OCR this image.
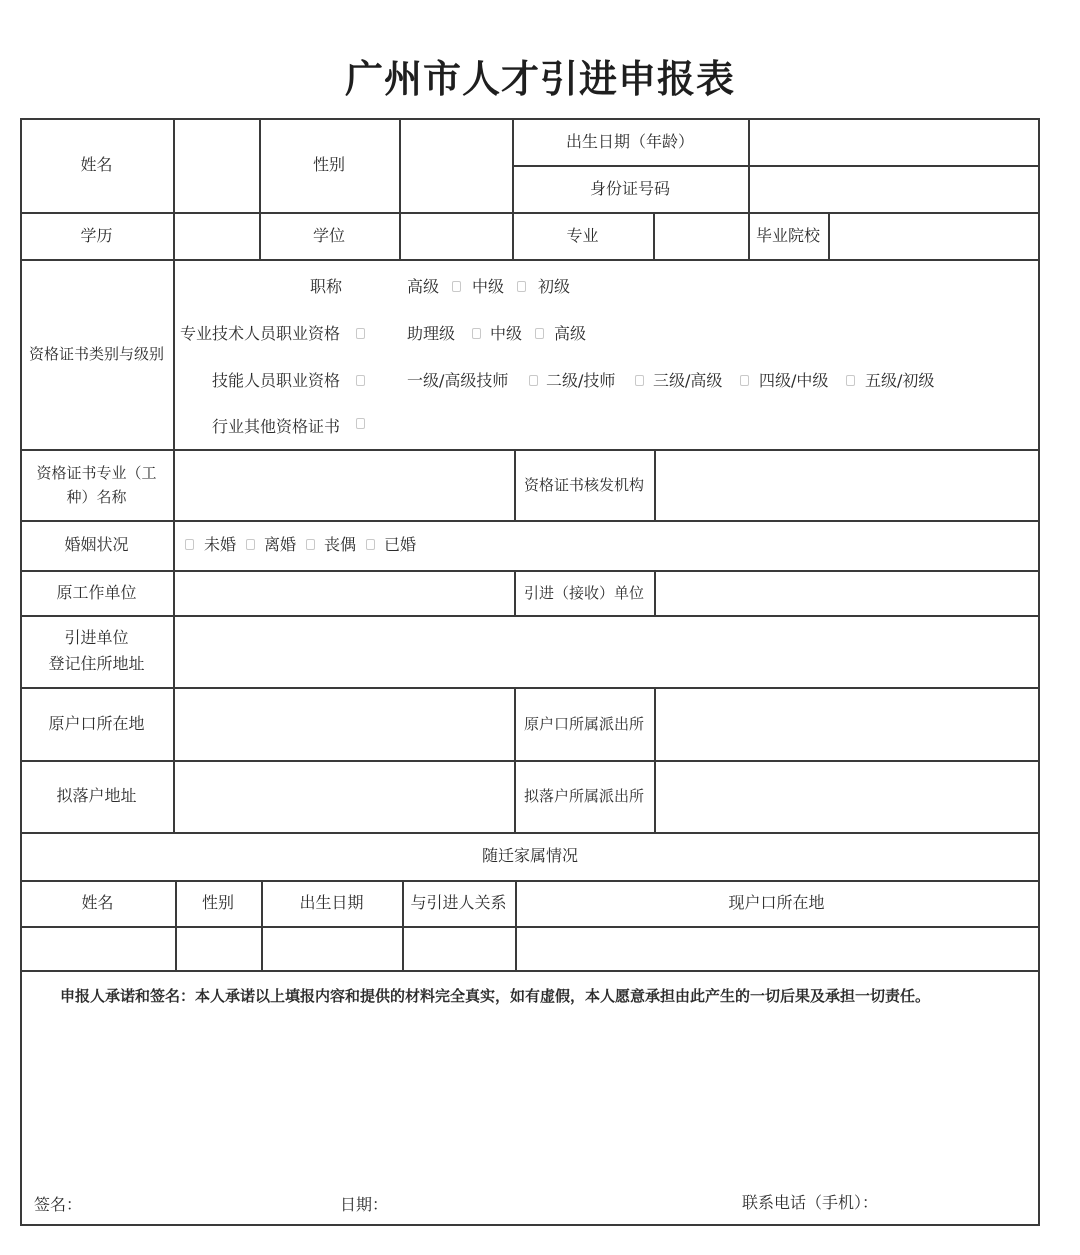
广州市人才引进申报表
姓名	性别
出生日期（年龄）
身份证号码
学历	学位	专业	毕业院校
资格证书类别与级别
职称	高级 中级 初级
专业技术人员职业资格	助理级 中级 高级
技能人员职业资格	一级/高级技师 二级/技师 三级/高级 四级/中级 五级/初级
行业其他资格证书
资格证书专业（工
种）名称
资格证书核发机构
婚姻状况	未婚 离婚 丧偶 已婚
原工作单位	引进（接收）单位
引进单位
登记住所地址
原户口所在地	原户口所属派出所
拟落户地址	拟落户所属派出所
随迁家属情况
姓名	性别	出生日期	与引进人关系	现户口所在地
申报人承诺和签名：本人承诺以上填报内容和提供的材料完全真实，如有虚假，本人愿意承担由此产生的一切后果及承担一切责任。
签名：	日期：	联系电话（手机）：
